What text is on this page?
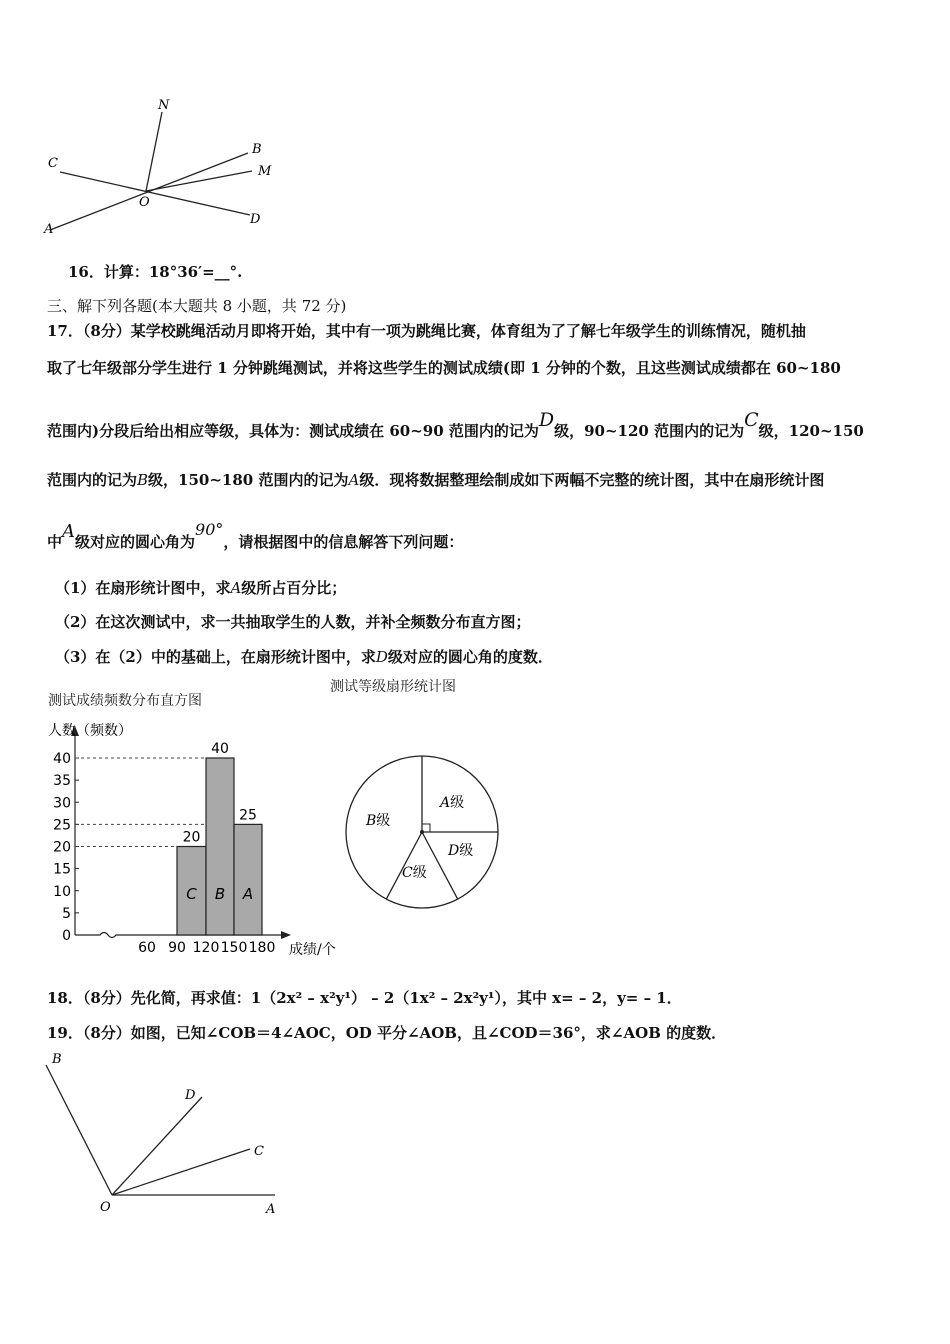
N
C
B
M
O
D
A
16．计算：18°36′=__°.
三、解下列各题(本大题共 8 小题，共 72 分)
17．（8分）某学校跳绳活动月即将开始，其中有一项为跳绳比赛，体育组为了了解七年级学生的训练情况，随机抽
取了七年级部分学生进行 1 分钟跳绳测试，并将这些学生的测试成绩(即 1 分钟的个数，且这些测试成绩都在 60~180
范围内)分段后给出相应等级，具体为：测试成绩在 60~90 范围内的记为D级，90~120 范围内的记为C级，120~150
范围内的记为B级，150~180 范围内的记为A级．现将数据整理绘制成如下两幅不完整的统计图，其中在扇形统计图
中A级对应的圆心角为90°，请根据图中的信息解答下列问题：
（1）在扇形统计图中，求A级所占百分比；
（2）在这次测试中，求一共抽取学生的人数，并补全频数分布直方图；
（3）在（2）中的基础上，在扇形统计图中，求D级对应的圆心角的度数．
测试成绩频数分布直方图
人数（频数）
0
5
10
15
20
25
30
35
40
60 90 120 150 180 成绩/个
20
C
40
B
25
A
测试等级扇形统计图
A级
D级
C级
B级
18．（8分）先化简，再求值：1（2x² – x²y¹） – 2（1x² – 2x²y¹），其中 x= – 2，y= – 1．
19．（8分）如图，已知∠COB＝4∠AOC，OD 平分∠AOB，且∠COD＝36°，求∠AOB 的度数．
B
D
C
O	A
